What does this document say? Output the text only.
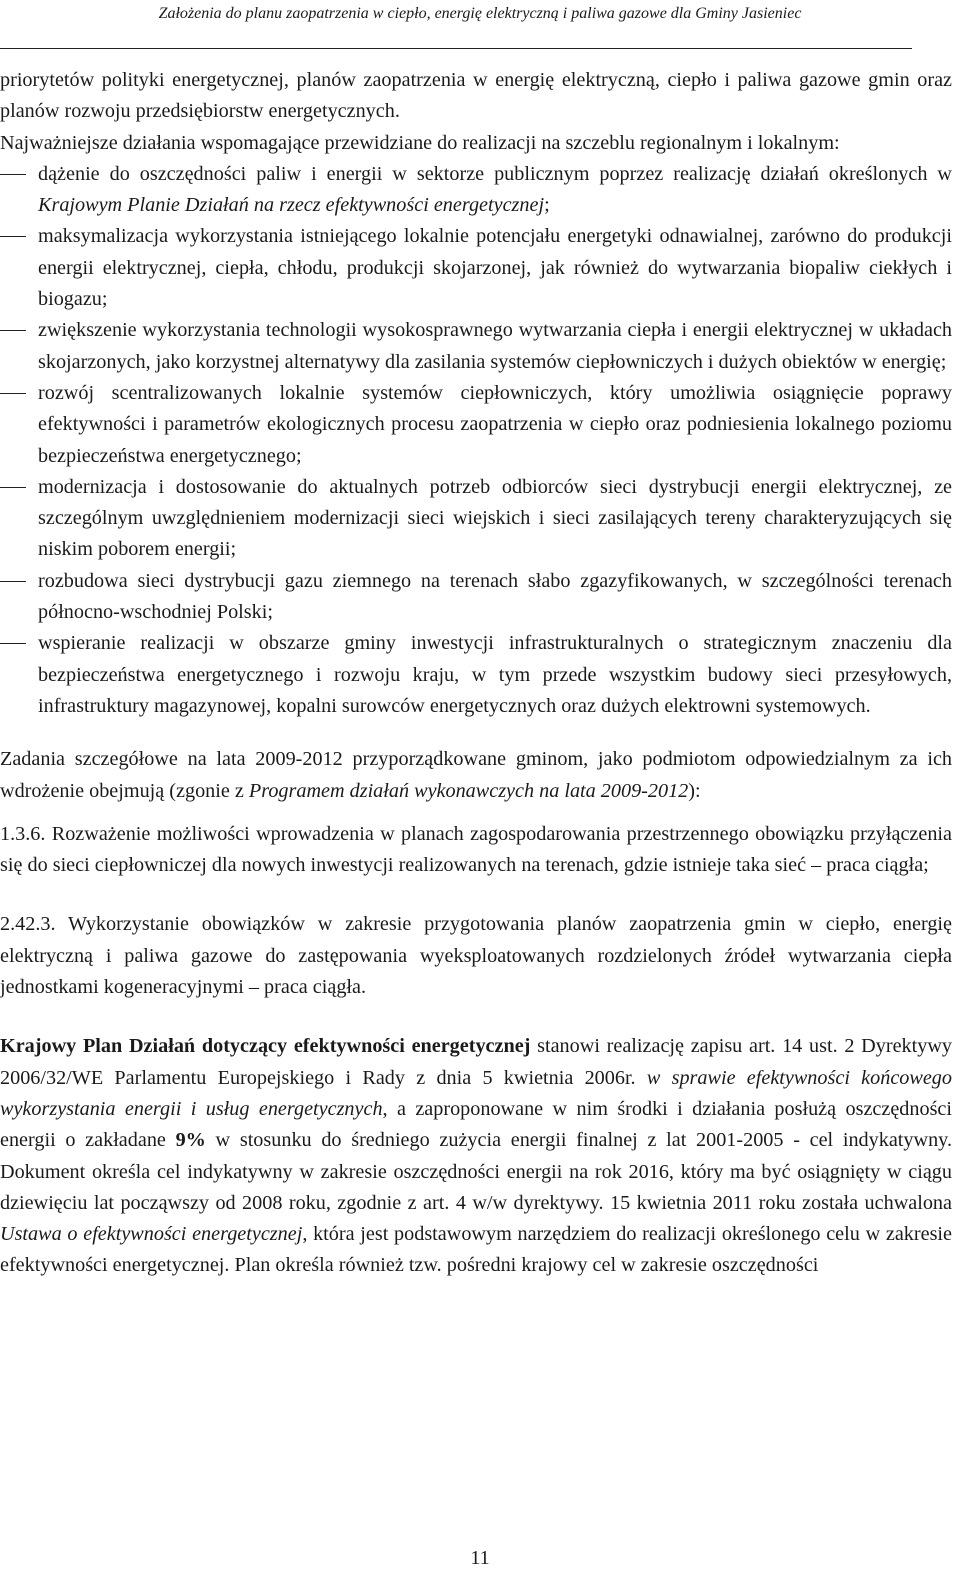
Założenia do planu zaopatrzenia w ciepło, energię elektryczną i paliwa gazowe dla Gminy Jasieniec

priorytetów polityki energetycznej, planów zaopatrzenia w energię elektryczną, ciepło i paliwa gazowe gmin oraz planów rozwoju przedsiębiorstw energetycznych.

Najważniejsze działania wspomagające przewidziane do realizacji na szczeblu regionalnym i lokalnym:

dążenie do oszczędności paliw i energii w sektorze publicznym poprzez realizację działań określonych w Krajowym Planie Działań na rzecz efektywności energetycznej;
maksymalizacja wykorzystania istniejącego lokalnie potencjału energetyki odnawialnej, zarówno do produkcji energii elektrycznej, ciepła, chłodu, produkcji skojarzonej, jak również do wytwarzania biopaliw ciekłych i biogazu;
zwiększenie wykorzystania technologii wysokosprawnego wytwarzania ciepła i energii elektrycznej w układach skojarzonych, jako korzystnej alternatywy dla zasilania systemów ciepłowniczych i dużych obiektów w energię;
rozwój scentralizowanych lokalnie systemów ciepłowniczych, który umożliwia osiągnięcie poprawy efektywności i parametrów ekologicznych procesu zaopatrzenia w ciepło oraz podniesienia lokalnego poziomu bezpieczeństwa energetycznego;
modernizacja i dostosowanie do aktualnych potrzeb odbiorców sieci dystrybucji energii elektrycznej, ze szczególnym uwzględnieniem modernizacji sieci wiejskich i sieci zasilających tereny charakteryzujących się niskim poborem energii;
rozbudowa sieci dystrybucji gazu ziemnego na terenach słabo zgazyfikowanych, w szczególności terenach północno-wschodniej Polski;
wspieranie realizacji w obszarze gminy inwestycji infrastrukturalnych o strategicznym znaczeniu dla bezpieczeństwa energetycznego i rozwoju kraju, w tym przede wszystkim budowy sieci przesyłowych, infrastruktury magazynowej, kopalni surowców energetycznych oraz dużych elektrowni systemowych.

Zadania szczegółowe na lata 2009-2012 przyporządkowane gminom, jako podmiotom odpowiedzialnym za ich wdrożenie obejmują (zgonie z Programem działań wykonawczych na lata 2009-2012):

1.3.6. Rozważenie możliwości wprowadzenia w planach zagospodarowania przestrzennego obowiązku przyłączenia się do sieci ciepłowniczej dla nowych inwestycji realizowanych na terenach, gdzie istnieje taka sieć – praca ciągła;

2.42.3. Wykorzystanie obowiązków w zakresie przygotowania planów zaopatrzenia gmin w ciepło, energię elektryczną i paliwa gazowe do zastępowania wyeksploatowanych rozdzielonych źródeł wytwarzania ciepła jednostkami kogeneracyjnymi – praca ciągła.

Krajowy Plan Działań dotyczący efektywności energetycznej stanowi realizację zapisu art. 14 ust. 2 Dyrektywy 2006/32/WE Parlamentu Europejskiego i Rady z dnia 5 kwietnia 2006r. w sprawie efektywności końcowego wykorzystania energii i usług energetycznych, a zaproponowane w nim środki i działania posłużą oszczędności energii o zakładane 9% w stosunku do średniego zużycia energii finalnej z lat 2001-2005 - cel indykatywny. Dokument określa cel indykatywny w zakresie oszczędności energii na rok 2016, który ma być osiągnięty w ciągu dziewięciu lat począwszy od 2008 roku, zgodnie z art. 4 w/w dyrektywy. 15 kwietnia 2011 roku została uchwalona Ustawa o efektywności energetycznej, która jest podstawowym narzędziem do realizacji określonego celu w zakresie efektywności energetycznej. Plan określa również tzw. pośredni krajowy cel w zakresie oszczędności

11
